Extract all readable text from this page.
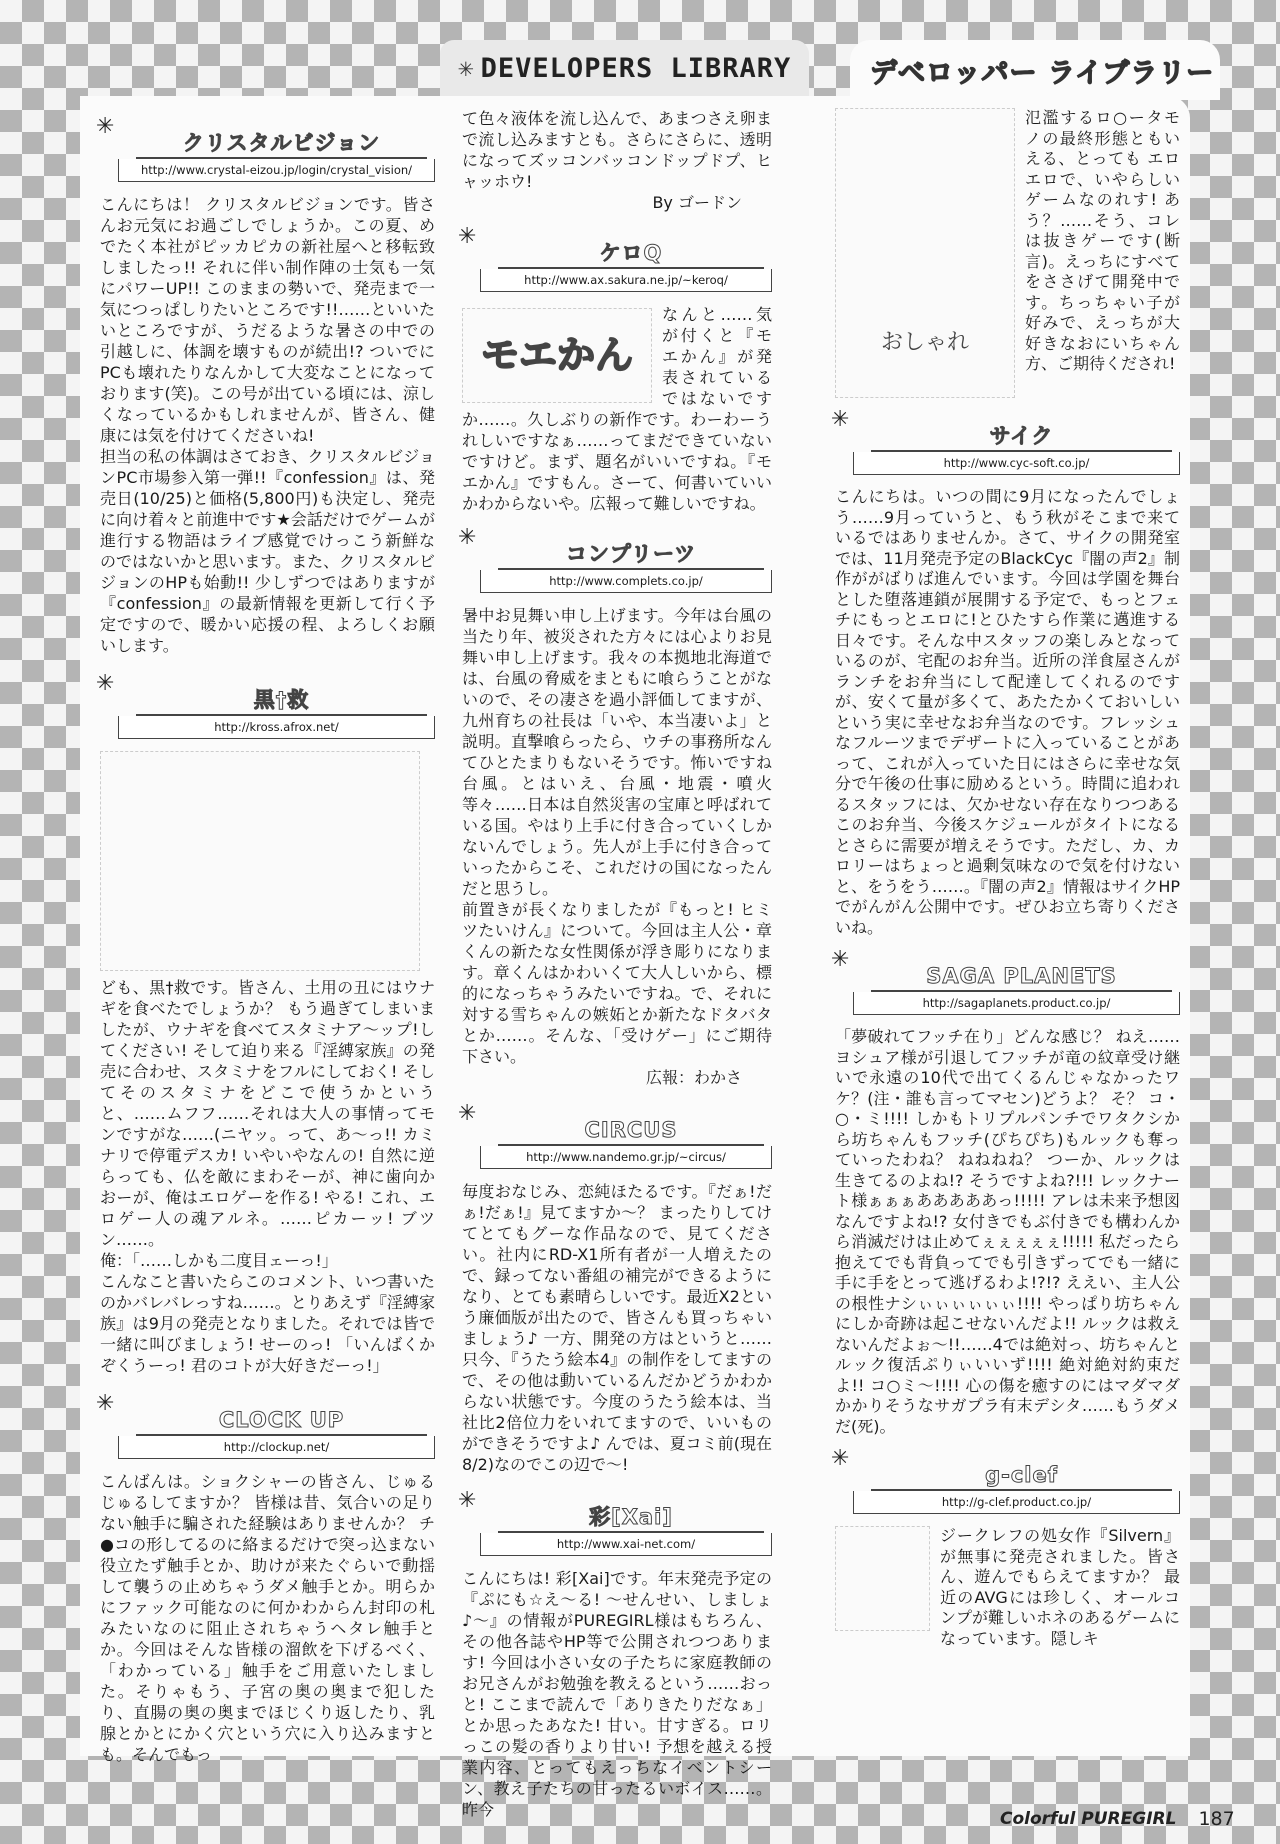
✳ DEVELOPERS LIBRARY	デベロッパー ライブラリー
✳
クリスタルビジョン
http://www.crystal-eizou.jp/login/crystal_vision/

こんにちは！ クリスタルビジョンです。皆さんお元気にお過ごしでしょうか。この夏、めでたく本社がピッカピカの新社屋へと移転致しましたっ!! それに伴い制作陣の士気も一気にパワーUP!! このままの勢いで、発売まで一気につっぱしりたいところです!!……といいたいところですが、うだるような暑さの中での引越しに、体調を壊すものが続出!? ついでにPCも壊れたりなんかして大変なことになっております(笑)。この号が出ている頃には、涼しくなっているかもしれませんが、皆さん、健康には気を付けてくださいね!

担当の私の体調はさておき、クリスタルビジョンPC市場参入第一弾!!『confession』は、発売日(10/25)と価格(5,800円)も決定し、発売に向け着々と前進中です★会話だけでゲームが進行する物語はライブ感覚でけっこう新鮮なのではないかと思います。また、クリスタルビジョンのHPも始動!! 少しずつではありますが『confession』の最新情報を更新して行く予定ですので、暖かい応援の程、よろしくお願いします。

✳
黒†救
http://kross.afrox.net/

ども、黒†救です。皆さん、土用の丑にはウナギを食べたでしょうか？ もう過ぎてしまいましたが、ウナギを食べてスタミナア〜ップ!してください! そして迫り来る『淫縛家族』の発売に合わせ、スタミナをフルにしておく! そしてそのスタミナをどこで使うかというと、……ムフフ……それは大人の事情ってモンですがな……(ニヤッ。って、あ〜っ!! カミナリで停電デスカ! いやいやなんの! 自然に逆らっても、仏を敵にまわそーが、神に歯向かおーが、俺はエロゲーを作る! やる! これ、エロゲー人の魂アルネ。……ピカーッ! ブツン……。

俺：「……しかも二度目ェーっ!」

こんなこと書いたらこのコメント、いつ書いたのかバレバレっすね……。とりあえず『淫縛家族』は9月の発売となりました。それでは皆で一緒に叫びましょう! せーのっ! 「いんばくかぞくうーっ! 君のコトが大好きだーっ!」

✳
CLOCK UP
http://clockup.net/

こんばんは。ショクシャーの皆さん、じゅるじゅるしてますか？ 皆様は昔、気合いの足りない触手に騙された経験はありませんか？ チ●コの形してるのに絡まるだけで突っ込まない役立たず触手とか、助けが来たぐらいで動揺して襲うの止めちゃうダメ触手とか。明らかにファック可能なのに何かわからん封印の札みたいなのに阻止されちゃうヘタレ触手とか。今回はそんな皆様の溜飲を下げるべく、「わかっている」触手をご用意いたしました。そりゃもう、子宮の奥の奥まで犯したり、直腸の奥の奥までほじくり返したり、乳腺とかとにかく穴という穴に入り込みますとも。そんでもっ

て色々液体を流し込んで、あまつさえ卵まで流し込みますとも。さらにさらに、透明になってズッコンバッコンドップドプ、ヒャッホウ!

By ゴードン

✳
ケロQ
http://www.ax.sakura.ne.jp/~keroq/
モエかん

なんと……気が付くと『モエかん』が発表されているではないですか……。久しぶりの新作です。わーわーうれしいですなぁ……ってまだできていないですけど。まず、題名がいいですね。『モエかん』ですもん。さーて、何書いていいかわからないや。広報って難しいですね。

✳
コンプリーツ
http://www.complets.co.jp/

暑中お見舞い申し上げます。今年は台風の当たり年、被災された方々には心よりお見舞い申し上げます。我々の本拠地北海道では、台風の脅威をまともに喰らうことがないので、その凄さを過小評価してますが、九州育ちの社長は「いや、本当凄いよ」と説明。直撃喰らったら、ウチの事務所なんてひとたまりもないそうです。怖いですね台風。とはいえ、台風・地震・噴火等々……日本は自然災害の宝庫と呼ばれている国。やはり上手に付き合っていくしかないんでしょう。先人が上手に付き合っていったからこそ、これだけの国になったんだと思うし。

前置きが長くなりましたが『もっと! ヒミツたいけん』について。今回は主人公・章くんの新たな女性関係が浮き彫りになります。章くんはかわいくて大人しいから、標的になっちゃうみたいですね。で、それに対する雪ちゃんの嫉妬とか新たなドタバタとか……。そんな、「受けゲー」にご期待下さい。

広報：わかさ

✳
CIRCUS
http://www.nandemo.gr.jp/~circus/

毎度おなじみ、恋純ほたるです。『だぁ!だぁ!だぁ!』見てますか〜？ まったりしてけてとてもグーな作品なので、見てください。社内にRD-X1所有者が一人増えたので、録ってない番組の補完ができるようになり、とても素晴らしいです。最近X2という廉価版が出たので、皆さんも買っちゃいましょう♪ 一方、開発の方はというと……只今、『うたう絵本4』の制作をしてますので、その他は動いているんだかどうかわからない状態です。今度のうたう絵本は、当社比2倍位力をいれてますので、いいものができそうですよ♪ んでは、夏コミ前(現在8/2)なのでこの辺で〜!

✳
彩[Xai]
http://www.xai-net.com/

こんにちは! 彩[Xai]です。年末発売予定の『ぷにも☆え〜る! 〜せんせい、しましょ♪〜』の情報がPUREGIRL様はもちろん、その他各誌やHP等で公開されつつあります! 今回は小さい女の子たちに家庭教師のお兄さんがお勉強を教えるという……おっと! ここまで読んで「ありきたりだなぁ」とか思ったあなた! 甘い。甘すぎる。ロリっこの髪の香りより甘い! 予想を越える授業内容、とってもえっちなイベントシーン、教え子たちの甘ったるいボイス……。昨今

おしゃれ

氾濫するロ○ータモノの最終形態ともいえる、とっても エロエロで、いやらしいゲームなのれす! あう？……そう、コレは抜きゲーです(断言)。えっちにすべてをささげて開発中です。ちっちゃい子が好みで、えっちが大好きなおにいちゃん方、ご期待くだされ!

✳
サイク
http://www.cyc-soft.co.jp/

こんにちは。いつの間に9月になったんでしょう……9月っていうと、もう秋がそこまで来ているではありませんか。さて、サイクの開発室では、11月発売予定のBlackCyc『闇の声2』制作ががばりば進んでいます。今回は学園を舞台とした堕落連鎖が展開する予定で、もっとフェチにもっとエロに!とひたすら作業に邁進する日々です。そんな中スタッフの楽しみとなっているのが、宅配のお弁当。近所の洋食屋さんがランチをお弁当にして配達してくれるのですが、安くて量が多くて、あたたかくておいしいという実に幸せなお弁当なのです。フレッシュなフルーツまでデザートに入っていることがあって、これが入っていた日にはさらに幸せな気分で午後の仕事に励めるという。時間に追われるスタッフには、欠かせない存在なりつつあるこのお弁当、今後スケジュールがタイトになるとさらに需要が増えそうです。ただし、カ、カロリーはちょっと過剰気味なので気を付けないと、をうをう……。『闇の声2』情報はサイクHPでがんがん公開中です。ぜひお立ち寄りくださいね。

✳
SAGA PLANETS
http://sagaplanets.product.co.jp/

「夢破れてフッチ在り」どんな感じ？ ねえ……ヨシュア様が引退してフッチが竜の紋章受け継いで永遠の10代で出てくるんじゃなかったワケ？(注・誰も言ってマセン)どうよ？ そ？ コ・○・ミ!!!! しかもトリプルパンチでワタクシから坊ちゃんもフッチ(ぴちぴち)もルックも奪っていったわね？ ねねねね？ つーか、ルックは生きてるのよね!? そうですよね?!!! レックナート様ぁぁぁあああああっ!!!!! アレは未来予想図なんですよね!? 女付きでもぶ付きでも構わんから消滅だけは止めてぇぇぇぇぇ!!!!! 私だったら抱えてでも背負ってでも引きずってでも一緒に手に手をとって逃げるわよ!?!? ええい、主人公の根性ナシぃぃぃぃぃぃ!!!! やっぱり坊ちゃんにしか奇跡は起こせないんだよ!! ルックは救えないんだよぉ〜!!……4では絶対っ、坊ちゃんとルック復活ぷりぃいいず!!!! 絶対絶対約束だよ!! コ○ミ〜!!!! 心の傷を癒すのにはマダマダかかりそうなサガプラ有末デシタ……もうダメだ(死)。

✳
g-clef
http://g-clef.product.co.jp/

ジークレフの処女作『Silvern』が無事に発売されました。皆さん、遊んでもらえてますか？ 最近のAVGには珍しく、オールコンプが難しいホネのあるゲームになっています。隠しキ

Colorful PUREGIRL 187
